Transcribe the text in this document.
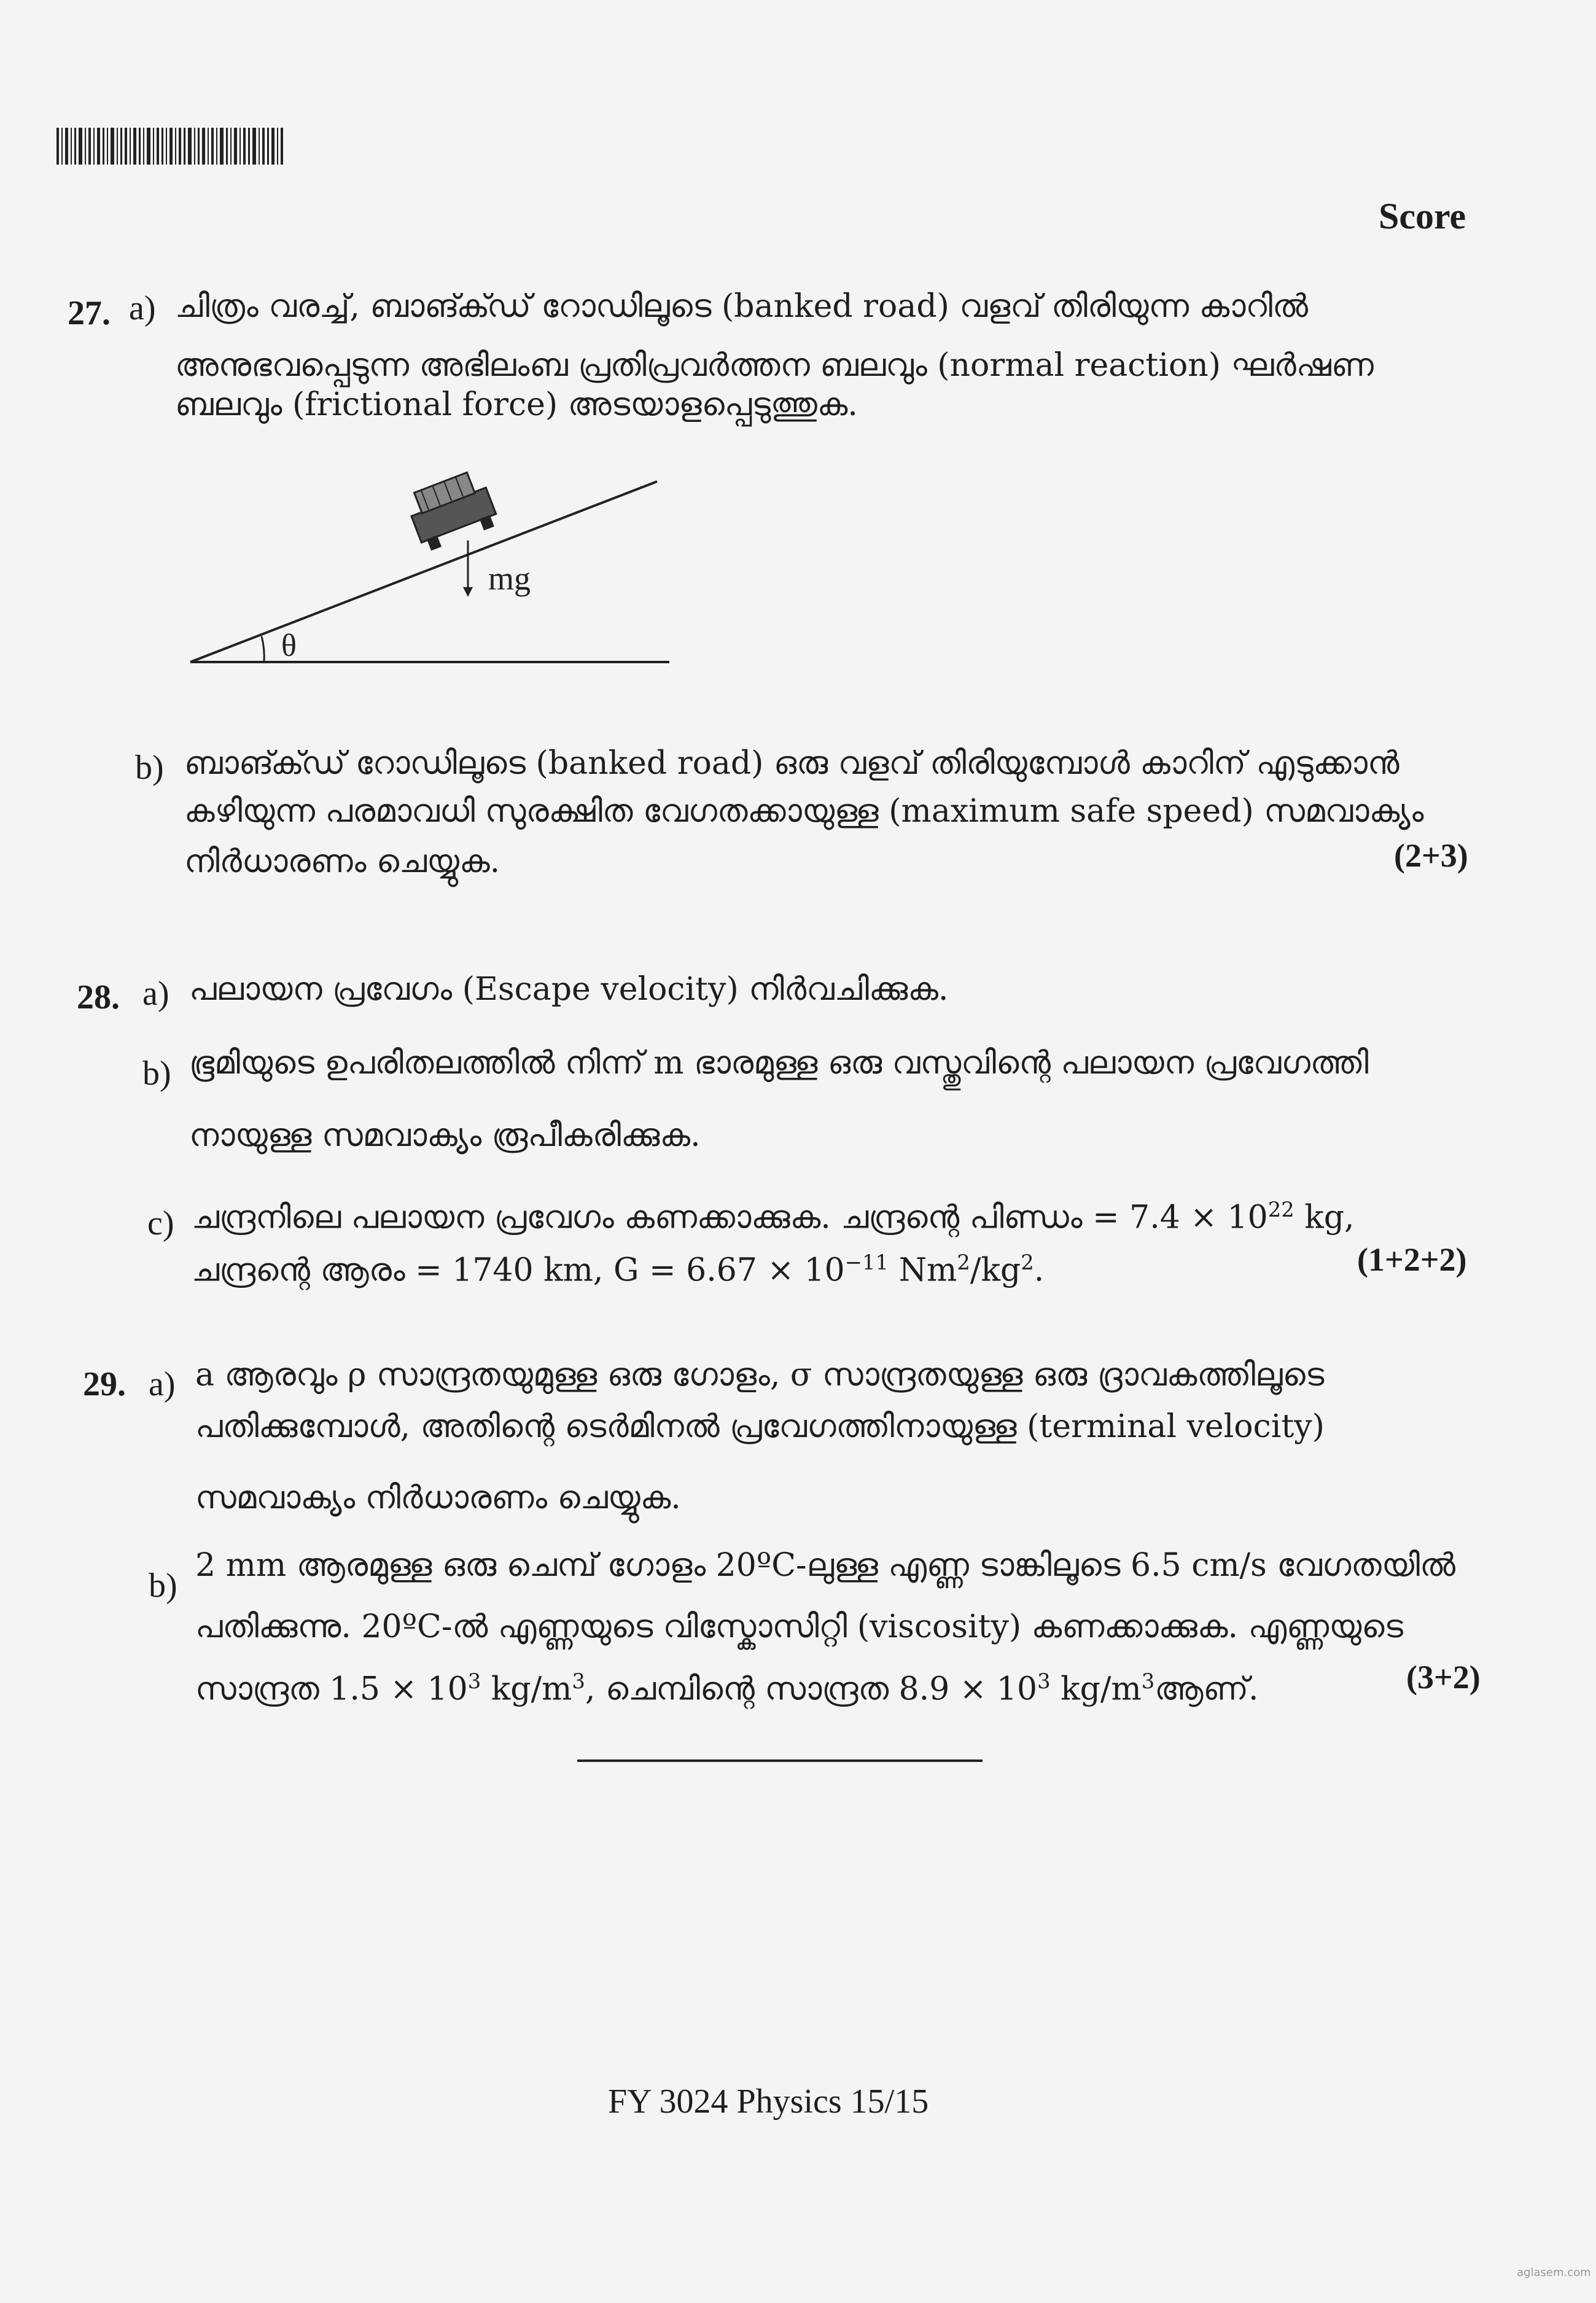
Score
27. a) ചിത്രം വരച്ച്, ബാങ്ക്ഡ് റോഡിലൂടെ (banked road) വളവ് തിരിയുന്ന കാറിൽ
അനുഭവപ്പെടുന്ന അഭിലംബ പ്രതിപ്രവർത്തന ബലവും (normal reaction) ഘർഷണ
ബലവും (frictional force) അടയാളപ്പെടുത്തുക.
θ
mg
b) ബാങ്ക്ഡ് റോഡിലൂടെ (banked road) ഒരു വളവ് തിരിയുമ്പോൾ കാറിന് എടുക്കാൻ
കഴിയുന്ന പരമാവധി സുരക്ഷിത വേഗതക്കായുള്ള (maximum safe speed) സമവാക്യം
നിർധാരണം ചെയ്യുക.	(2+3)
28. a) പലായന പ്രവേഗം (Escape velocity) നിർവചിക്കുക.
b) ഭൂമിയുടെ ഉപരിതലത്തിൽ നിന്ന് m ഭാരമുള്ള ഒരു വസ്തുവിന്റെ പലായന പ്രവേഗത്തി
നായുള്ള സമവാക്യം രൂപീകരിക്കുക.
c) ചന്ദ്രനിലെ പലായന പ്രവേഗം കണക്കാക്കുക. ചന്ദ്രന്റെ പിണ്ഡം = $7.4 \times 10^{22}$ kg,
ചന്ദ്രന്റെ ആരം = 1740 km, $G = 6.67 \times 10^{-11}$ $Nm^2/kg^2$.	(1+2+2)
29. a) a ആരവും ρ സാന്ദ്രതയുമുള്ള ഒരു ഗോളം, σ സാന്ദ്രതയുള്ള ഒരു ദ്രാവകത്തിലൂടെ
പതിക്കുമ്പോൾ, അതിന്റെ ടെർമിനൽ പ്രവേഗത്തിനായുള്ള (terminal velocity)
സമവാക്യം നിർധാരണം ചെയ്യുക.
b)
2 mm ആരമുള്ള ഒരു ചെമ്പ് ഗോളം 20ºC-ലുള്ള എണ്ണ ടാങ്കിലൂടെ 6.5 cm/s വേഗതയിൽ
പതിക്കുന്നു. 20ºC-ൽ എണ്ണയുടെ വിസ്കോസിറ്റി (viscosity) കണക്കാക്കുക. എണ്ണയുടെ
സാന്ദ്രത $1.5 \times 10^3$ $kg/m^3$, ചെമ്പിന്റെ സാന്ദ്രത $8.9 \times 10^3$ $kg/m^3ആണ്$.	(3+2)
FY 3024 Physics 15/15
aglasem.com
